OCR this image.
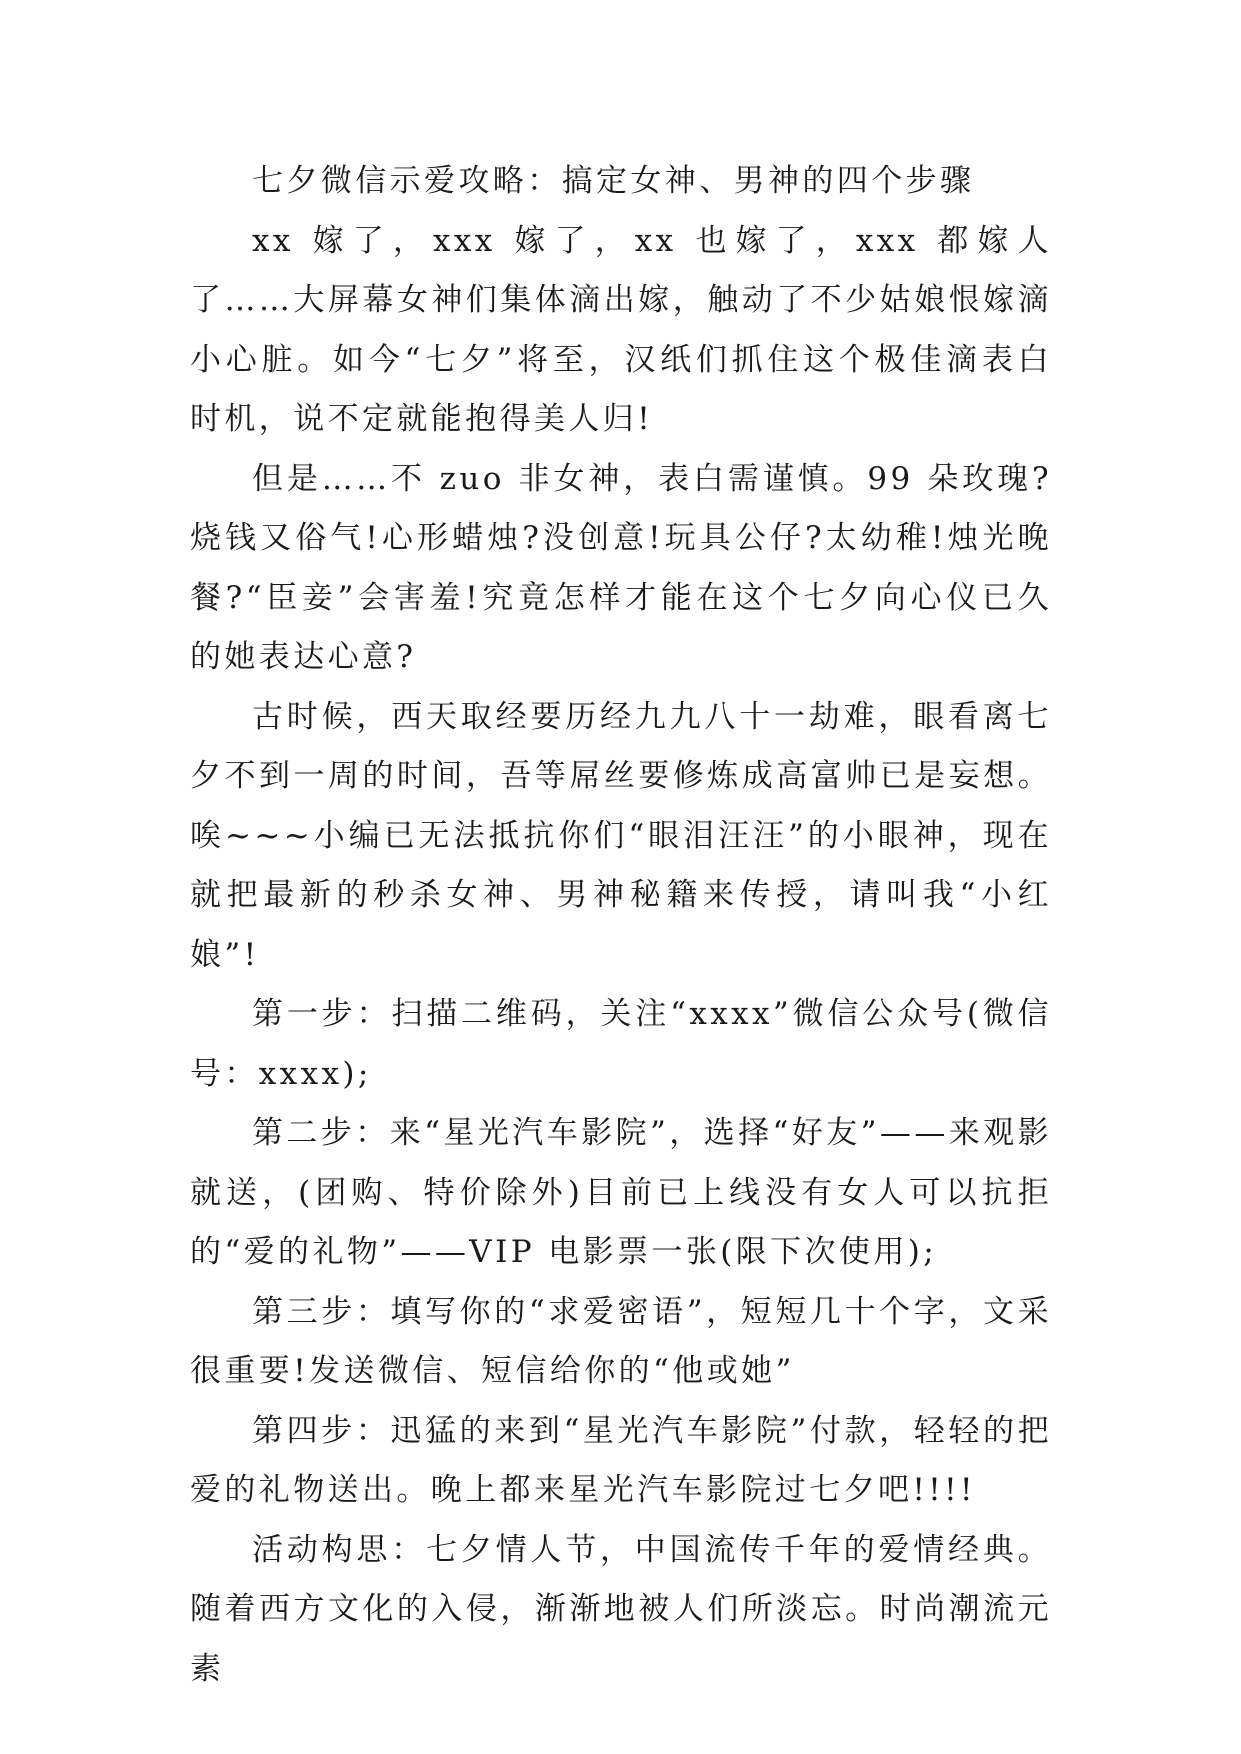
七夕微信示爱攻略：搞定女神、男神的四个步骤

xx 嫁了，xxx 嫁了，xx 也嫁了，xxx 都嫁人了……大屏幕女神们集体滴出嫁，触动了不少姑娘恨嫁滴小心脏。如今“七夕”将至，汉纸们抓住这个极佳滴表白时机，说不定就能抱得美人归!

但是……不 zuo 非女神，表白需谨慎。99 朵玫瑰?烧钱又俗气!心形蜡烛?没创意!玩具公仔?太幼稚!烛光晚餐?“臣妾”会害羞!究竟怎样才能在这个七夕向心仪已久的她表达心意?

古时候，西天取经要历经九九八十一劫难，眼看离七夕不到一周的时间，吾等屌丝要修炼成高富帅已是妄想。唉~~~小编已无法抵抗你们“眼泪汪汪”的小眼神，现在就把最新的秒杀女神、男神秘籍来传授，请叫我“小红娘”!

第一步：扫描二维码，关注“xxxx”微信公众号(微信号：xxxx);

第二步：来“星光汽车影院”，选择“好友”——来观影就送，(团购、特价除外)目前已上线没有女人可以抗拒的“爱的礼物”——VIP 电影票一张(限下次使用);

第三步：填写你的“求爱密语”，短短几十个字，文采很重要!发送微信、短信给你的“他或她”

第四步：迅猛的来到“星光汽车影院”付款，轻轻的把爱的礼物送出。晚上都来星光汽车影院过七夕吧!!!!

活动构思：七夕情人节，中国流传千年的爱情经典。随着西方文化的入侵，渐渐地被人们所淡忘。时尚潮流元素
